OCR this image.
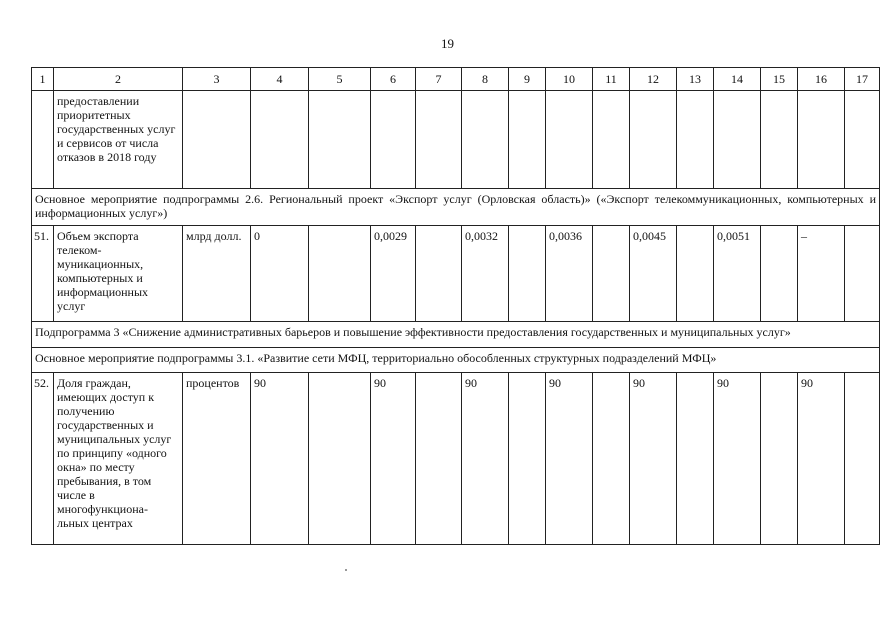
19
1	2	3	4	5	6	7	8	9	10	11	12	13	14	15	16	17
	предоставлении приоритетных государственных услуг и сервисов от числа отказов в 2018 году															
Основное мероприятие подпрограммы 2.6. Региональный проект «Экспорт услуг (Орловская область)» («Экспорт телекоммуникационных, компьютерных и информационных услуг»)																
51.	Объем экспорта телеком-муникационных, компьютерных и информационных услуг	млрд долл.	0		0,0029		0,0032		0,0036		0,0045		0,0051		–	
Подпрограмма 3 «Снижение административных барьеров и повышение эффективности предоставления государственных и муниципальных услуг»																
Основное мероприятие подпрограммы 3.1. «Развитие сети МФЦ, территориально обособленных структурных подразделений МФЦ»																
52.	Доля граждан, имеющих доступ к получению государственных и муниципальных услуг по принципу «одного окна» по месту пребывания, в том числе в многофункциона-льных центрах	процентов	90		90		90		90		90		90		90	
